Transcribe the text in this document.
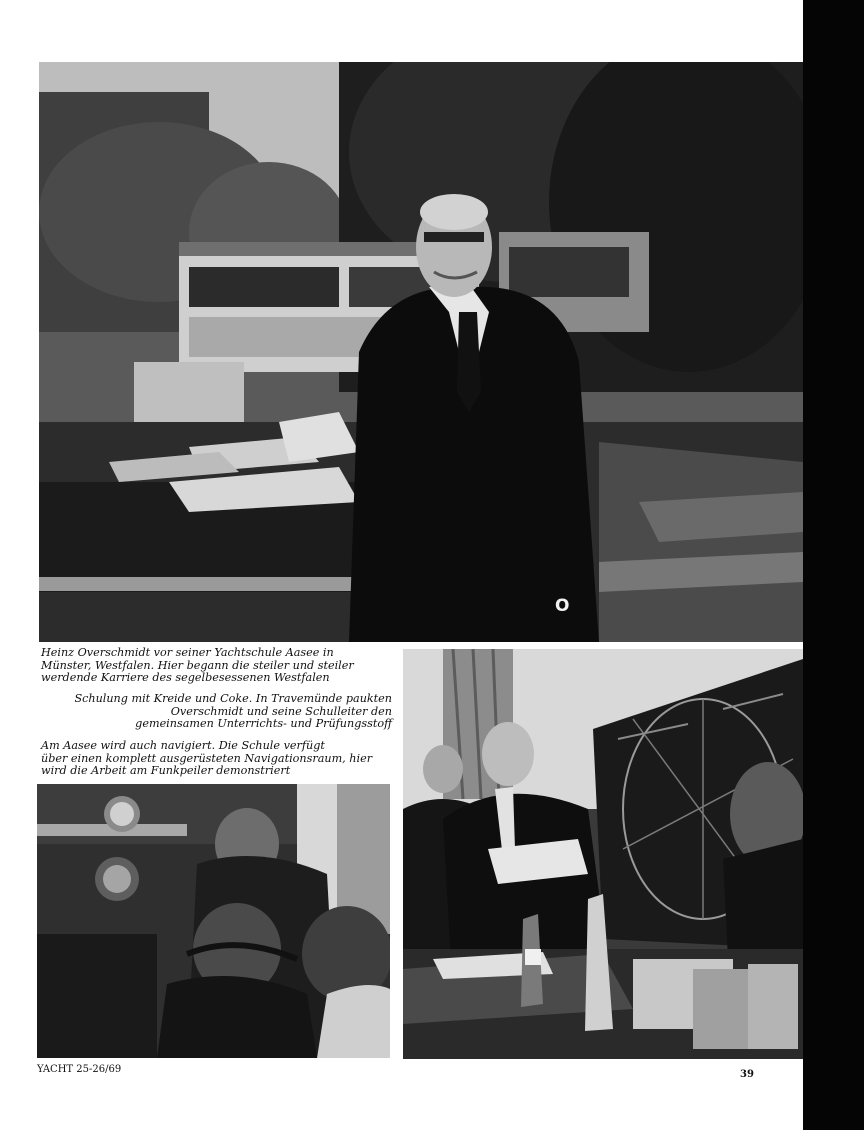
O

Heinz Overschmidt vor seiner Yachtschule Aasee in
Münster, Westfalen. Hier begann die steiler und steiler
werdende Karriere des segelbesessenen Westfalen

Schulung mit Kreide und Coke. In Travemünde paukten
Overschmidt und seine Schulleiter den
gemeinsamen Unterrichts- und Prüfungsstoff

Am Aasee wird auch navigiert. Die Schule verfügt
über einen komplett ausgerüsteten Navigationsraum, hier
wird die Arbeit am Funkpeiler demonstriert

YACHT 25-26/69	39
